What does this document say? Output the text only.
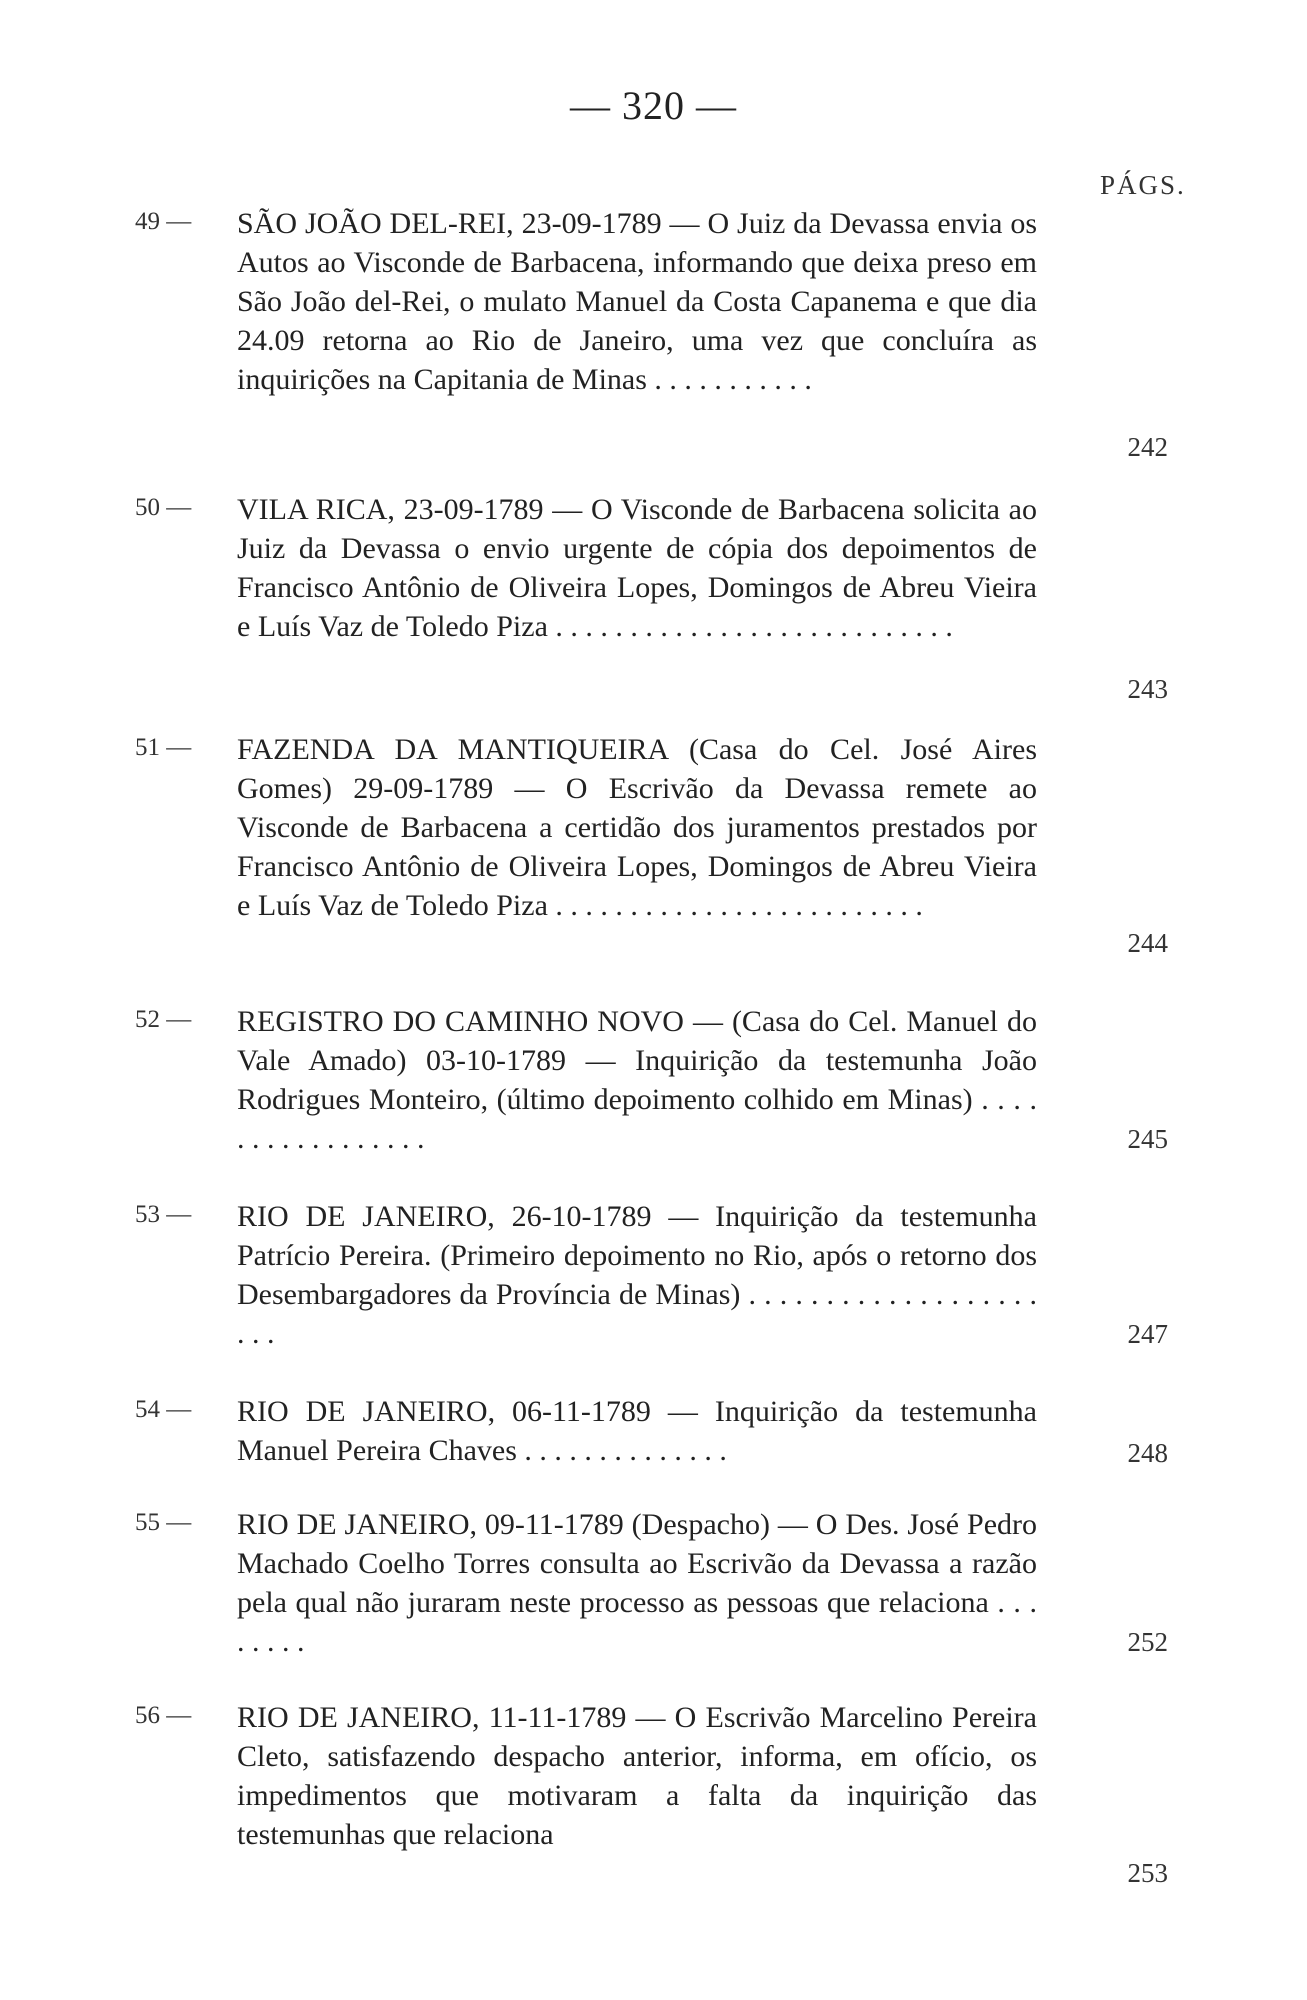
— 320 —
PÁGS.
49 —	SÃO JOÃO DEL-REI, 23-09-1789 — O Juiz da Devassa envia os Autos ao Visconde de Barbacena, informando que deixa preso em São João del-Rei, o mulato Manuel da Costa Capanema e que dia 24.09 retorna ao Rio de Janeiro, uma vez que concluíra as inquirições na Capitania de Minas . . . . . . . . . . .
242
50 —	VILA RICA, 23-09-1789 — O Visconde de Barbacena solicita ao Juiz da Devassa o envio urgente de cópia dos depoimentos de Francisco Antônio de Oliveira Lopes, Domingos de Abreu Vieira e Luís Vaz de Toledo Piza . . . . . . . . . . . . . . . . . . . . . . . . . . .
243
51 —	FAZENDA DA MANTIQUEIRA (Casa do Cel. José Aires Gomes) 29-09-1789 — O Escrivão da Devassa remete ao Visconde de Barbacena a certidão dos juramentos prestados por Francisco Antônio de Oliveira Lopes, Domingos de Abreu Vieira e Luís Vaz de Toledo Piza . . . . . . . . . . . . . . . . . . . . . . . . .
244
52 —	REGISTRO DO CAMINHO NOVO — (Casa do Cel. Manuel do Vale Amado) 03-10-1789 — Inquirição da testemunha João Rodrigues Monteiro, (último depoimento colhido em Minas) . . . . . . . . . . . . . . . . .	245
53 —	RIO DE JANEIRO, 26-10-1789 — Inquirição da testemunha Patrício Pereira. (Primeiro depoimento no Rio, após o retorno dos Desembargadores da Província de Minas) . . . . . . . . . . . . . . . . . . . . . .	247
54 —	RIO DE JANEIRO, 06-11-1789 — Inquirição da testemunha Manuel Pereira Chaves . . . . . . . . . . . . . .	248
55 —	RIO DE JANEIRO, 09-11-1789 (Despacho) — O Des. José Pedro Machado Coelho Torres consulta ao Escrivão da Devassa a razão pela qual não juraram neste processo as pessoas que relaciona . . . . . . . .	252
56 —	RIO DE JANEIRO, 11-11-1789 — O Escrivão Marcelino Pereira Cleto, satisfazendo despacho anterior, informa, em ofício, os impedimentos que motivaram a falta da inquirição das testemunhas que relaciona
253
